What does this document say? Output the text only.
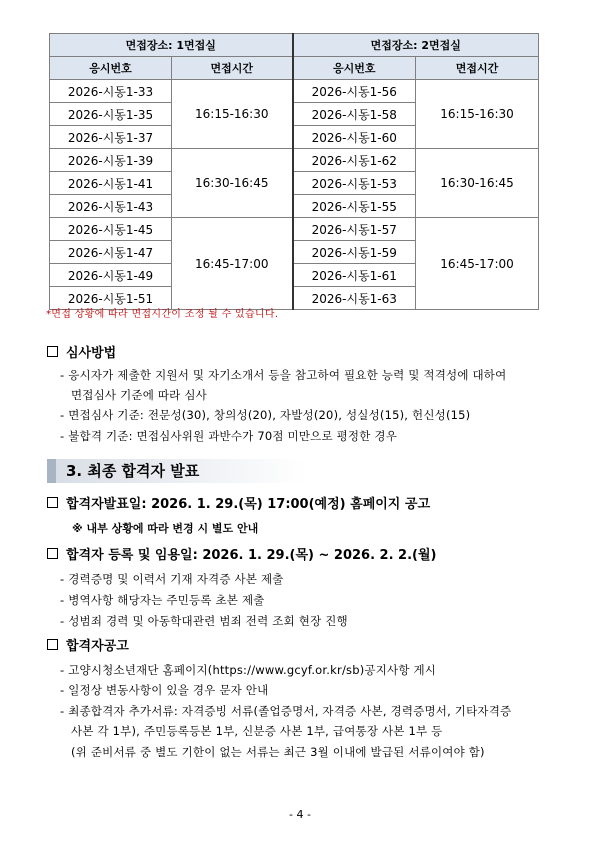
면접장소: 1면접실		면접장소: 2면접실	
응시번호	면접시간	응시번호	면접시간
2026-시동1-33	16:15-16:30	2026-시동1-56	16:15-16:30
2026-시동1-35		2026-시동1-58	
2026-시동1-37		2026-시동1-60	
2026-시동1-39	16:30-16:45	2026-시동1-62	16:30-16:45
2026-시동1-41		2026-시동1-53	
2026-시동1-43		2026-시동1-55	
2026-시동1-45	16:45-17:00	2026-시동1-57	16:45-17:00
2026-시동1-47		2026-시동1-59	
2026-시동1-49		2026-시동1-61	
2026-시동1-51		2026-시동1-63	
*면접 상황에 따라 면접시간이 조정 될 수 있습니다.
심사방법
- 응시자가 제출한 지원서 및 자기소개서 등을 참고하여 필요한 능력 및 적격성에 대하여
면접심사 기준에 따라 심사
- 면접심사 기준: 전문성(30), 창의성(20), 자발성(20), 성실성(15), 헌신성(15)
- 불합격 기준: 면접심사위원 과반수가 70점 미만으로 평정한 경우
3. 최종 합격자 발표
합격자발표일: 2026. 1. 29.(목) 17:00(예정) 홈페이지 공고
※ 내부 상황에 따라 변경 시 별도 안내
합격자 등록 및 임용일: 2026. 1. 29.(목) ~ 2026. 2. 2.(월)
- 경력증명 및 이력서 기재 자격증 사본 제출
- 병역사항 해당자는 주민등록 초본 제출
- 성범죄 경력 및 아동학대관련 범죄 전력 조회 현장 진행
합격자공고
- 고양시청소년재단 홈페이지(https://www.gcyf.or.kr/sb)공지사항 게시
- 일정상 변동사항이 있을 경우 문자 안내
- 최종합격자 추가서류: 자격증빙 서류(졸업증명서, 자격증 사본, 경력증명서, 기타자격증
사본 각 1부), 주민등록등본 1부, 신분증 사본 1부, 급여통장 사본 1부 등
(위 준비서류 중 별도 기한이 없는 서류는 최근 3월 이내에 발급된 서류이여야 함)
- 4 -
